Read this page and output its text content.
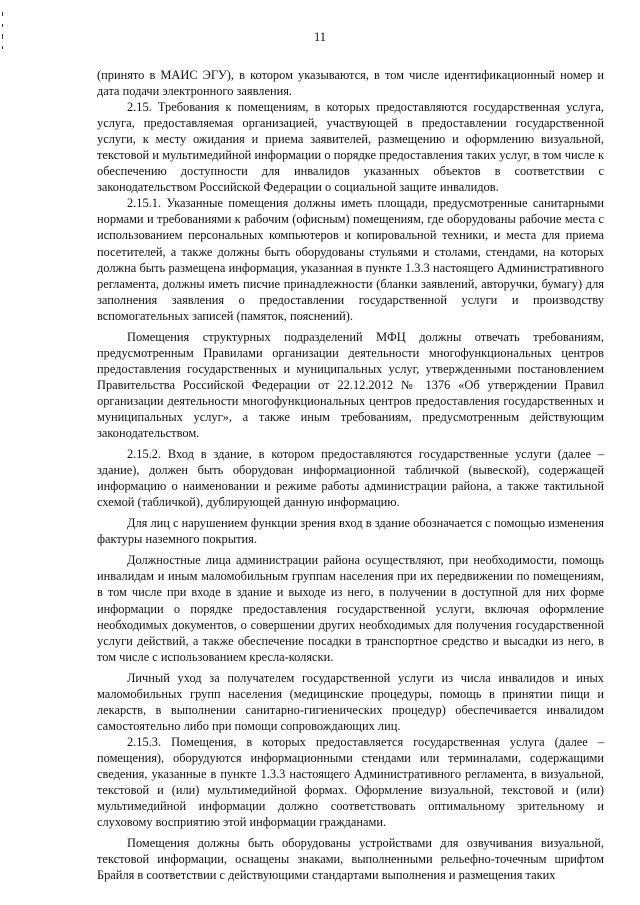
11

(принято в МАИС ЭГУ), в котором указываются, в том числе идентификационный номер и дата подачи электронного заявления.

2.15. Требования к помещениям, в которых предоставляются государственная услуга, услуга, предоставляемая организацией, участвующей в предоставлении государственной услуги, к месту ожидания и приема заявителей, размещению и оформлению визуальной, текстовой и мультимедийной информации о порядке предоставления таких услуг, в том числе к обеспечению доступности для инвалидов указанных объектов в соответствии с законодательством Российской Федерации о социальной защите инвалидов.

2.15.1. Указанные помещения должны иметь площади, предусмотренные санитарными нормами и требованиями к рабочим (офисным) помещениям, где оборудованы рабочие места с использованием персональных компьютеров и копировальной техники, и места для приема посетителей, а также должны быть оборудованы стульями и столами, стендами, на которых должна быть размещена информация, указанная в пункте 1.3.3 настоящего Административного регламента, должны иметь писчие принадлежности (бланки заявлений, авторучки, бумагу) для заполнения заявления о предоставлении государственной услуги и производству вспомогательных записей (памяток, пояснений).

Помещения структурных подразделений МФЦ должны отвечать требованиям, предусмотренным Правилами организации деятельности многофункциональных центров предоставления государственных и муниципальных услуг, утвержденными постановлением Правительства Российской Федерации от 22.12.2012 № 1376 «Об утверждении Правил организации деятельности многофункциональных центров предоставления государственных и муниципальных услуг», а также иным требованиям, предусмотренным действующим законодательством.

2.15.2. Вход в здание, в котором предоставляются государственные услуги (далее – здание), должен быть оборудован информационной табличкой (вывеской), содержащей информацию о наименовании и режиме работы администрации района, а также тактильной схемой (табличкой), дублирующей данную информацию.

Для лиц с нарушением функции зрения вход в здание обозначается с помощью изменения фактуры наземного покрытия.

Должностные лица администрации района осуществляют, при необходимости, помощь инвалидам и иным маломобильным группам населения при их передвижении по помещениям, в том числе при входе в здание и выходе из него, в получении в доступной для них форме информации о порядке предоставления государственной услуги, включая оформление необходимых документов, о совершении других необходимых для получения государственной услуги действий, а также обеспечение посадки в транспортное средство и высадки из него, в том числе с использованием кресла-коляски.

Личный уход за получателем государственной услуги из числа инвалидов и иных маломобильных групп населения (медицинские процедуры, помощь в принятии пищи и лекарств, в выполнении санитарно-гигиенических процедур) обеспечивается инвалидом самостоятельно либо при помощи сопровождающих лиц.

2.15.3. Помещения, в которых предоставляется государственная услуга (далее – помещения), оборудуются информационными стендами или терминалами, содержащими сведения, указанные в пункте 1.3.3 настоящего Административного регламента, в визуальной, текстовой и (или) мультимедийной формах. Оформление визуальной, текстовой и (или) мультимедийной информации должно соответствовать оптимальному зрительному и слуховому восприятию этой информации гражданами.

Помещения должны быть оборудованы устройствами для озвучивания визуальной, текстовой информации, оснащены знаками, выполненными рельефно-точечным шрифтом Брайля в соответствии с действующими стандартами выполнения и размещения таких
